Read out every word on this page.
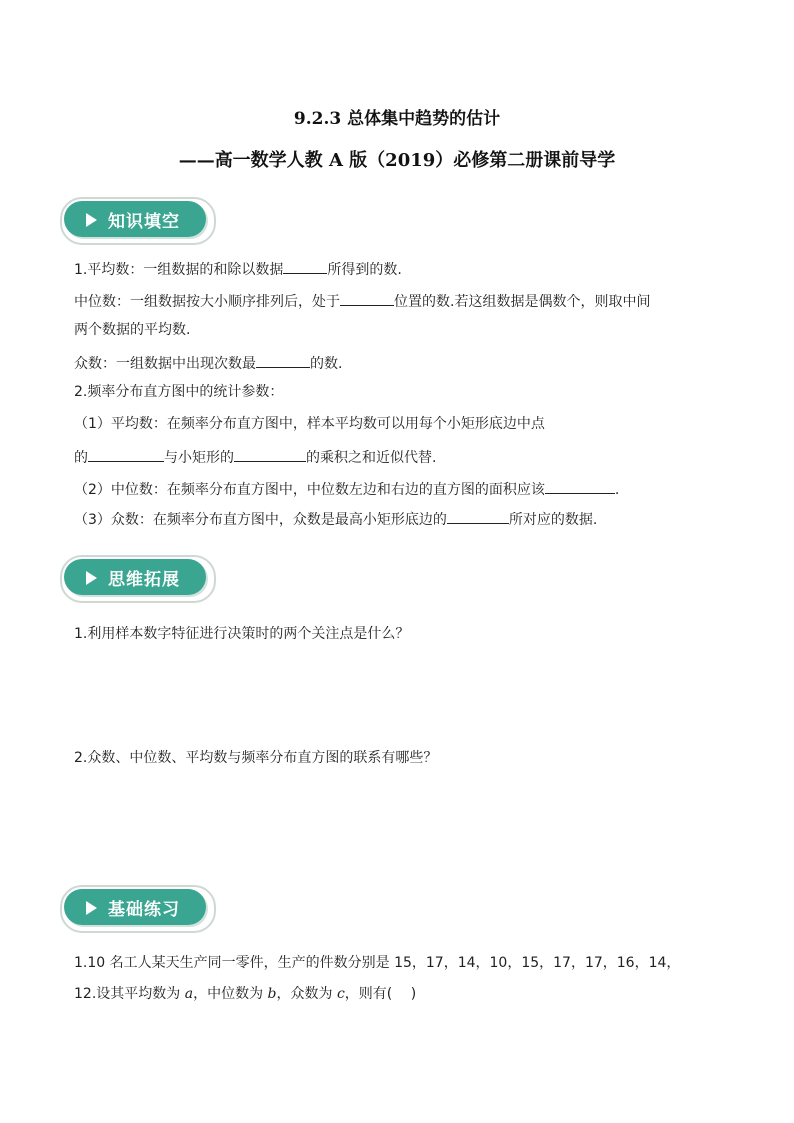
9.2.3 总体集中趋势的估计
——高一数学人教 A 版（2019）必修第二册课前导学
知识填空
1.平均数：一组数据的和除以数据	所得到的数.
中位数：一组数据按大小顺序排列后，处于	位置的数.若这组数据是偶数个，则取中间
两个数据的平均数.
众数：一组数据中出现次数最	的数.
2.频率分布直方图中的统计参数：
（1）平均数：在频率分布直方图中，样本平均数可以用每个小矩形底边中点
的	与小矩形的	的乘积之和近似代替.
（2）中位数：在频率分布直方图中，中位数左边和右边的直方图的面积应该	.
（3）众数：在频率分布直方图中，众数是最高小矩形底边的	所对应的数据.
思维拓展
1.利用样本数字特征进行决策时的两个关注点是什么？
2.众数、中位数、平均数与频率分布直方图的联系有哪些？
基础练习
1.10 名工人某天生产同一零件，生产的件数分别是 15，17，14，10，15，17，17，16，14，
12.设其平均数为 a，中位数为 b，众数为 c，则有(　 )
